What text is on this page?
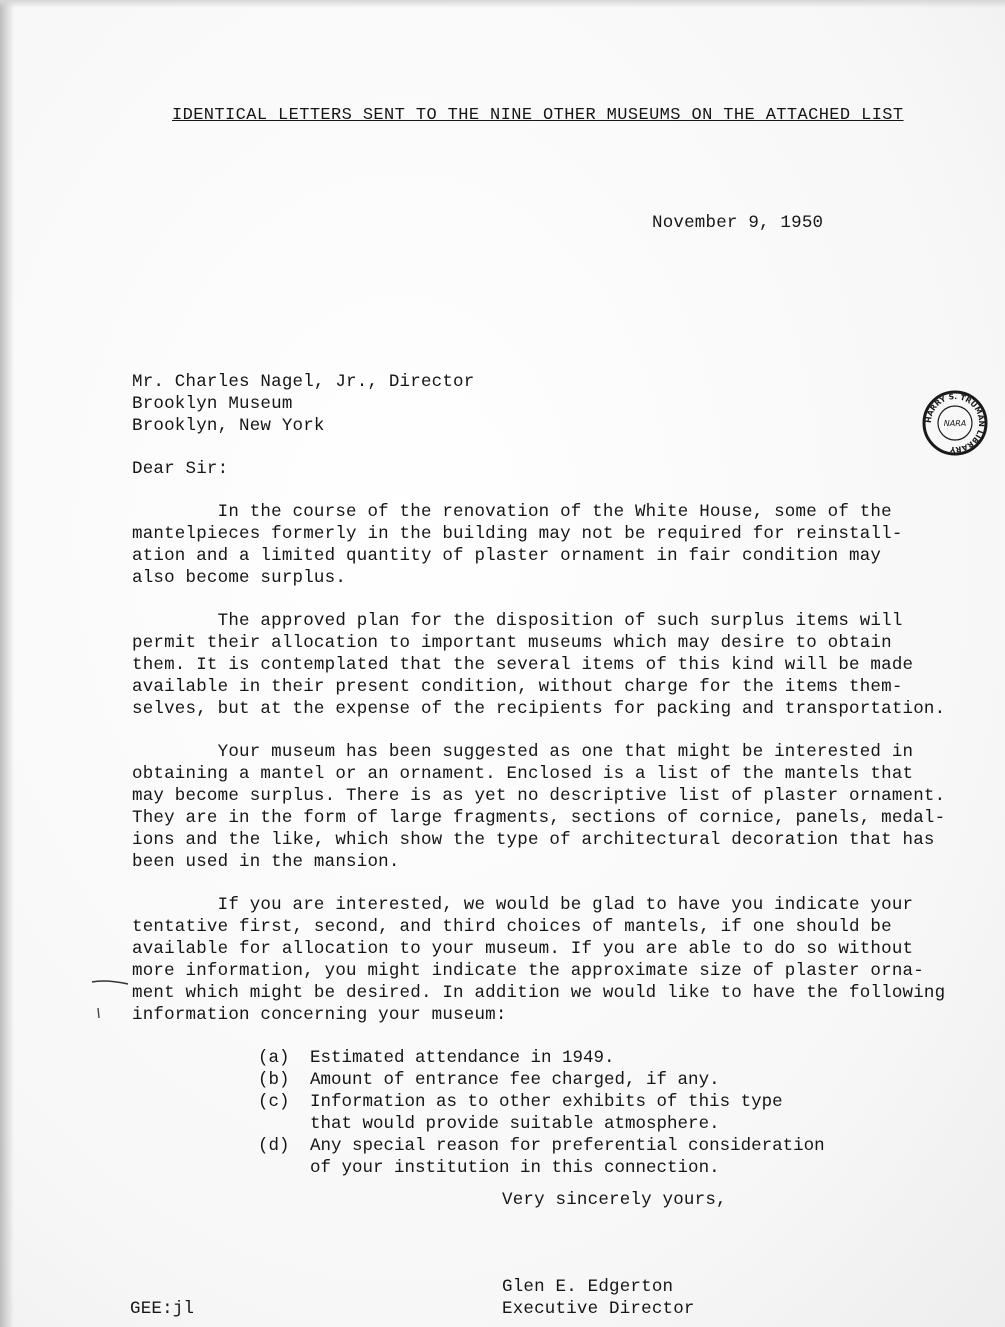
IDENTICAL LETTERS SENT TO THE NINE OTHER MUSEUMS ON THE ATTACHED LIST
November 9, 1950
Mr. Charles Nagel, Jr., Director
Brooklyn Museum
Brooklyn, New York	HARRY S. TRUMAN LIBRARY
NARA
Dear Sir:
In the course of the renovation of the White House, some of the
mantelpieces formerly in the building may not be required for reinstall-
ation and a limited quantity of plaster ornament in fair condition may
also become surplus.
The approved plan for the disposition of such surplus items will
permit their allocation to important museums which may desire to obtain
them. It is contemplated that the several items of this kind will be made
available in their present condition, without charge for the items them-
selves, but at the expense of the recipients for packing and transportation.
Your museum has been suggested as one that might be interested in
obtaining a mantel or an ornament. Enclosed is a list of the mantels that
may become surplus. There is as yet no descriptive list of plaster ornament.
They are in the form of large fragments, sections of cornice, panels, medal-
ions and the like, which show the type of architectural decoration that has
been used in the mansion.
If you are interested, we would be glad to have you indicate your
tentative first, second, and third choices of mantels, if one should be
available for allocation to your museum. If you are able to do so without
more information, you might indicate the approximate size of plaster orna-
ment which might be desired. In addition we would like to have the following
information concerning your museum:
(a) Estimated attendance in 1949.
(b) Amount of entrance fee charged, if any.
(c) Information as to other exhibits of this type
that would provide suitable atmosphere.
(d) Any special reason for preferential consideration
of your institution in this connection.
Very sincerely yours,
Glen E. Edgerton
Executive Director
GEE:jl
